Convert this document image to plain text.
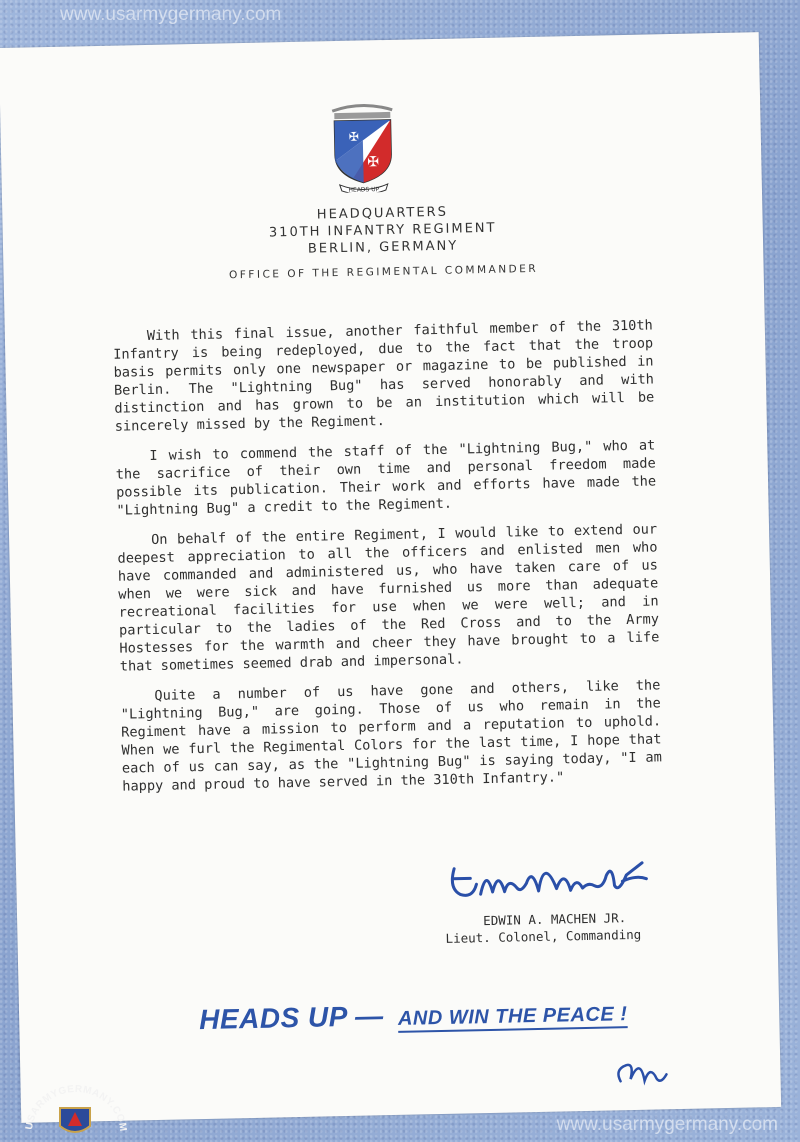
www.usarmygermany.com
✠
✠
HEADS UP
HEADQUARTERS
310TH INFANTRY REGIMENT
BERLIN, GERMANY
OFFICE OF THE REGIMENTAL COMMANDER

With this final issue, another faithful member of the 310th Infantry is being redeployed, due to the fact that the troop basis permits only one newspaper or magazine to be published in Berlin. The "Lightning Bug" has served honorably and with distinction and has grown to be an institution which will be sincerely missed by the Regiment.

I wish to commend the staff of the "Lightning Bug," who at the sacrifice of their own time and personal freedom made possible its publication. Their work and efforts have made the "Lightning Bug" a credit to the Regiment.

On behalf of the entire Regiment, I would like to extend our deepest appreciation to all the officers and enlisted men who have commanded and administered us, who have taken care of us when we were sick and have furnished us more than adequate recreational facilities for use when we were well; and in particular to the ladies of the Red Cross and to the Army Hostesses for the warmth and cheer they have brought to a life that sometimes seemed drab and impersonal.

Quite a number of us have gone and others, like the "Lightning Bug," are going. Those of us who remain in the Regiment have a mission to perform and a reputation to uphold. When we furl the Regimental Colors for the last time, I hope that each of us can say, as the "Lightning Bug" is saying today, "I am happy and proud to have served in the 310th Infantry."

EDWIN A. MACHEN JR.
Lieut. Colonel, Commanding
HEADS UP — AND WIN THE PEACE !
USARMYGERMANY.COM	www.usarmygermany.com
